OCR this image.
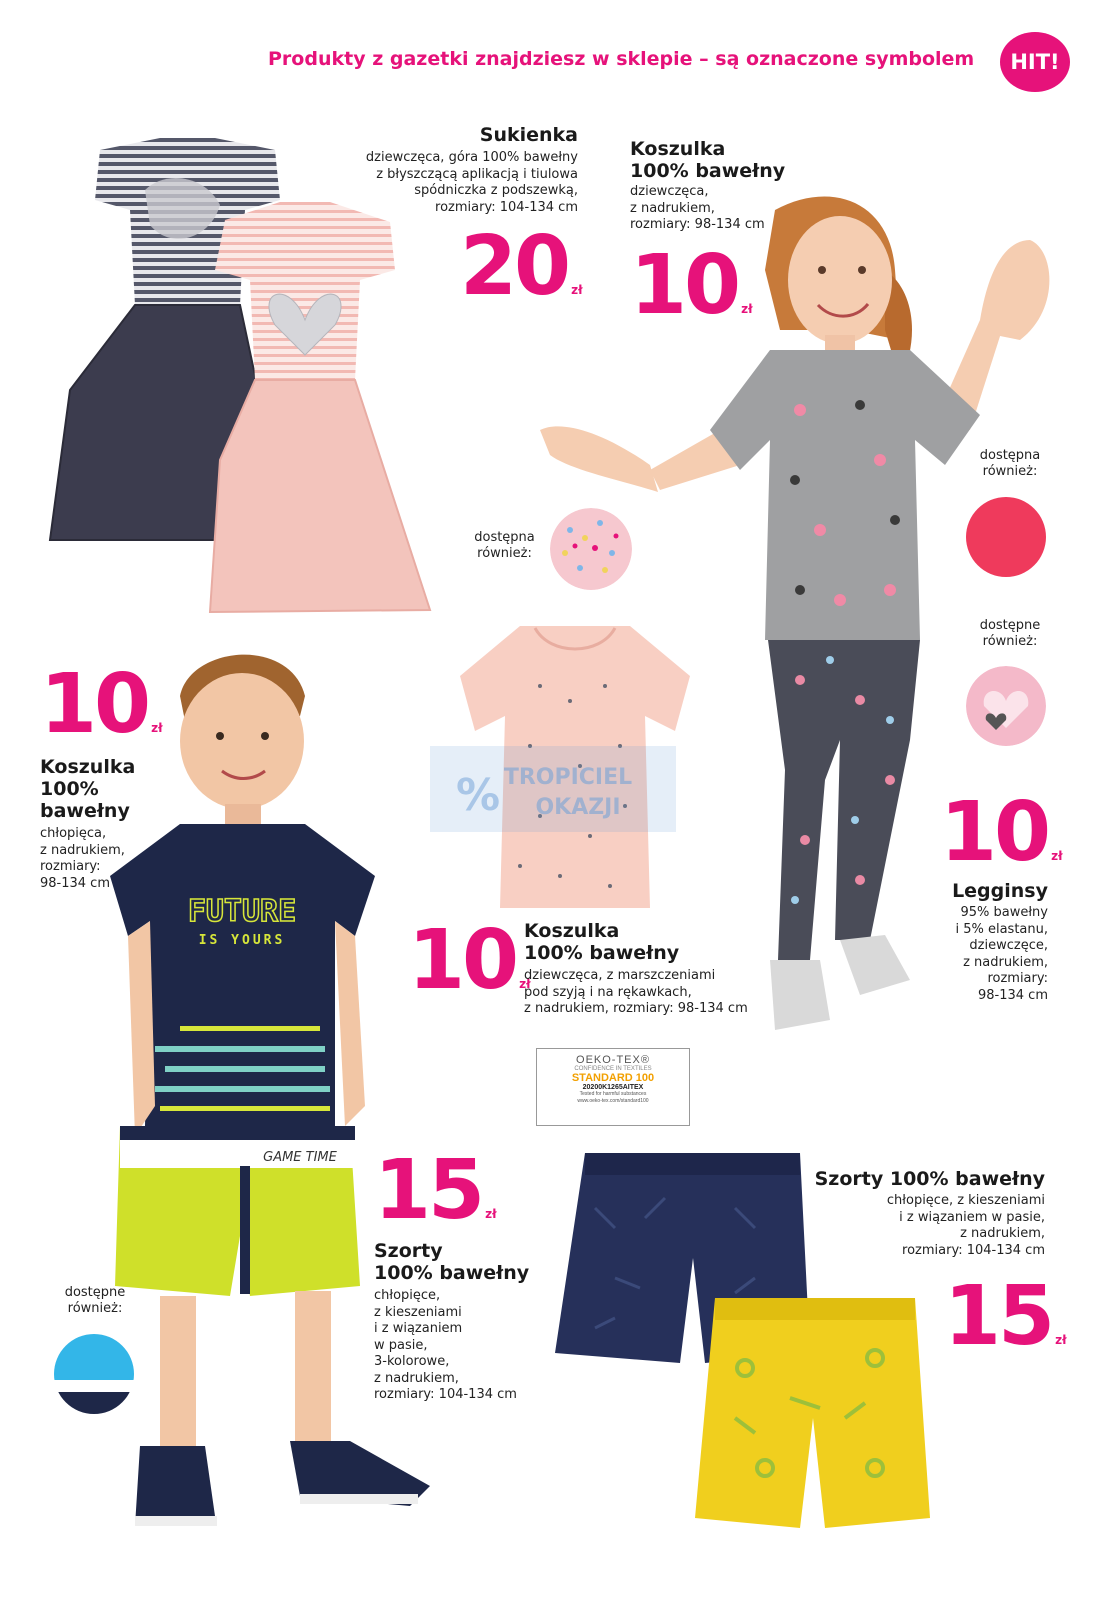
Produkty z gazetki znajdziesz w sklepie – są oznaczone symbolem	HIT!
Sukienka
dziewczęca, góra 100% bawełny
z błyszczącą aplikacją i tiulowa
spódniczka z podszewką,
rozmiary: 104-134 cm
20 zł
dostępna
również:
Koszulka
100% bawełny
dziewczęca,
z nadrukiem,
rozmiary: 98-134 cm
10 zł
dostępna
również:
dostępne
również:
10 zł
Legginsy
95% bawełny
i 5% elastanu,
dziewczęce,
z nadrukiem,
rozmiary:
98-134 cm
TROPICIEL
OKAZJI
%
10 zł
Koszulka
100% bawełny
dziewczęca, z marszczeniami
pod szyją i na rękawkach,
z nadrukiem, rozmiary: 98-134 cm
OEKO-TEX®
CONFIDENCE IN TEXTILES
STANDARD 100
20200K1265AITEX
Tested for harmful substances
www.oeko-tex.com/standard100
10 zł
Koszulka
100%
bawełny
chłopięca,
z nadrukiem,
rozmiary:
98-134 cm
FUTURE
IS YOURS
GAME TIME
dostępne
również:
15 zł
Szorty
100% bawełny
chłopięce,
z kieszeniami
i z wiązaniem
w pasie,
3-kolorowe,
z nadrukiem,
rozmiary: 104-134 cm
Szorty 100% bawełny
chłopięce, z kieszeniami
i z wiązaniem w pasie,
z nadrukiem,
rozmiary: 104-134 cm
15 zł
